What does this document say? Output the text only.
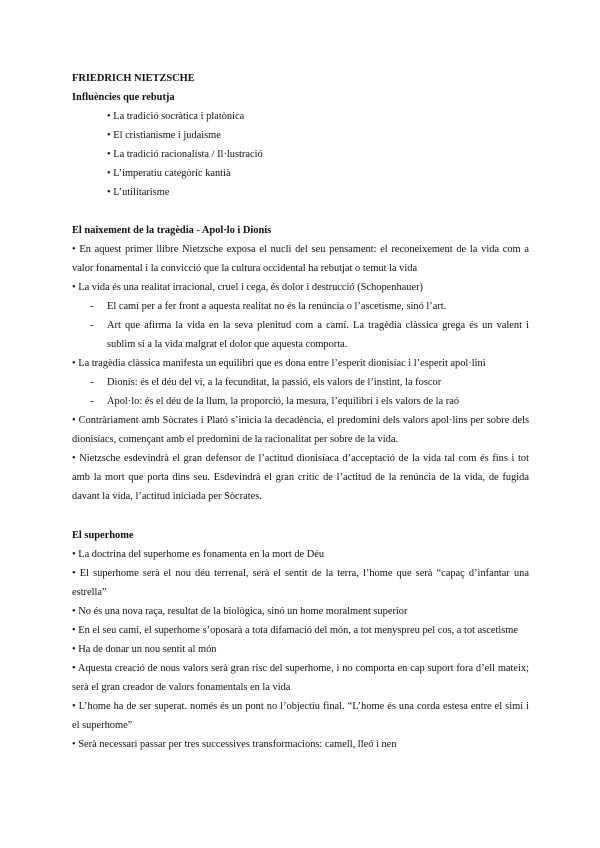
FRIEDRICH NIETZSCHE

Influències que rebutja

• La tradició socràtica i platònica
• El cristianisme i judaisme
• La tradició racionalista / Il·lustració
• L’imperatiu categòric kantià
• L’utilitarisme

El naixement de la tragèdia - Apol·lo i Dionís

• En aquest primer llibre Nietzsche exposa el nucli del seu pensament: el reconeixement de la vida com a valor fonamental i la convicció que la cultura occidental ha rebutjat o temut la vida

• La vida és una realitat irracional, cruel i cega, és dolor i destrucció (Schopenhauer)

- El camí per a fer front a aquesta realitat no és la renúncia o l’ascetisme, sinó l’art.

- Art que afirma la vida en la seva plenitud com a camí. La tragèdia clàssica grega és un valent i sublim sí a la vida malgrat el dolor que aquesta comporta.

• La tragèdia clàssica manifesta un equilibri que es dona entre l’esperit dionisíac i l’esperit apol·lini

- Dionís: és el déu del vi, a la fecunditat, la passió, els valors de l’instint, la foscor

- Apol·lo: és el déu de la llum, la proporció, la mesura, l’equilibri i els valors de la raó

• Contràriament amb Sòcrates i Plató s’inicia la decadència, el predomini dels valors apol·lins per sobre dels dionisíacs, començant amb el predomini de la racionalitat per sobre de la vida.

• Nietzsche esdevindrà el gran defensor de l’actitud dionisíaca d’acceptació de la vida tal com és fins i tot amb la mort que porta dins seu. Esdevindrà el gran crític de l’actitud de la renúncia de la vida, de fugida davant la vida, l’actitud iniciada per Sòcrates.

El superhome

• La doctrina del superhome es fonamenta en la mort de Déu

• El superhome serà el nou déu terrenal, serà el sentit de la terra, l’home que serà “capaç d’infantar una estrella”

• No és una nova raça, resultat de la biològica, sinó un home moralment superior

• En el seu camí, el superhome s’oposarà a tota difamació del món, a tot menyspreu pel cos, a tot ascetisme

• Ha de donar un nou sentit al món

• Aquesta creació de nous valors serà gran risc del superhome, i no comporta en cap suport fora d’ell mateix; serà el gran creador de valors fonamentals en la vida

• L’home ha de ser superat. només és un pont no l’objectiu final. “L’home és una corda estesa entre el simi i el superhome”

• Serà necessari passar per tres successives transformacions: camell, lleó i nen
